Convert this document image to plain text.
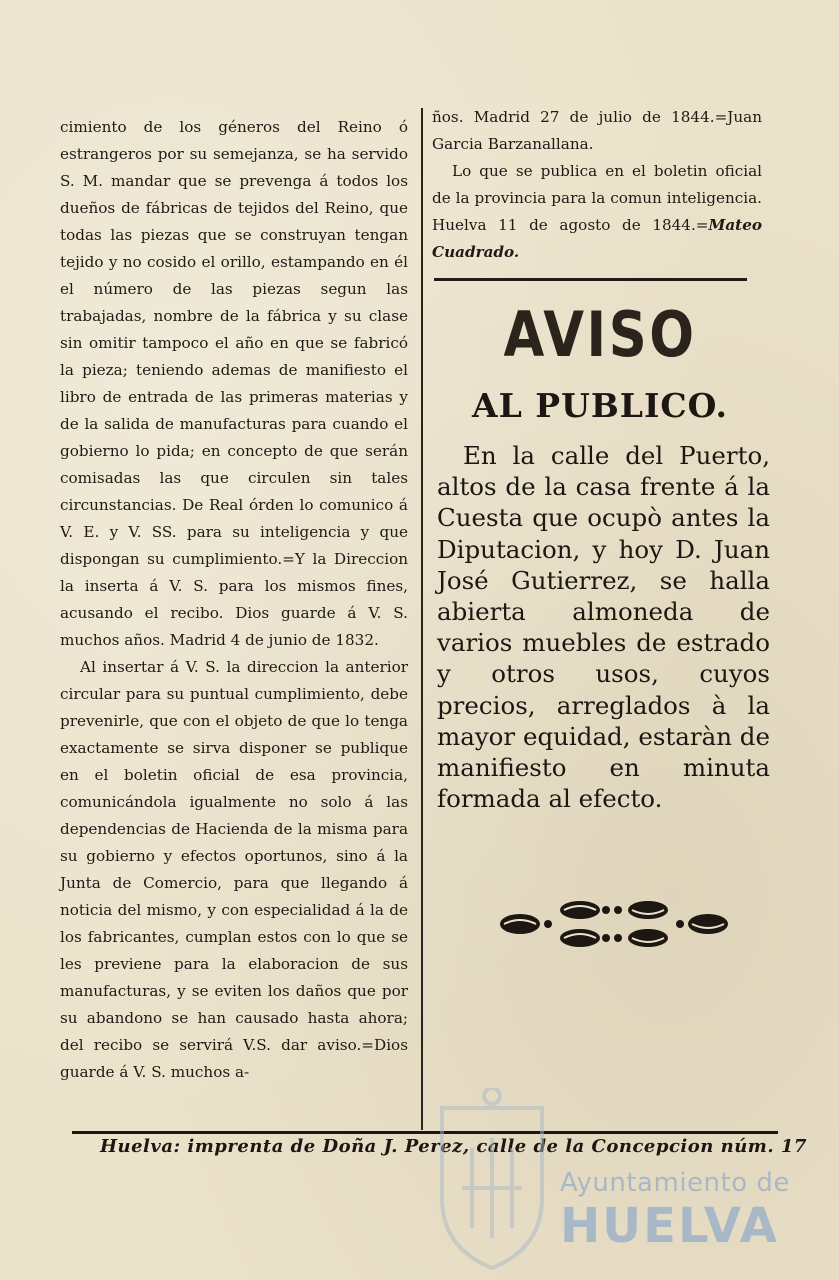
cimiento de los géneros del Reino ó estrangeros por su semejanza, se ha servido S. M. mandar que se prevenga á todos los dueños de fábricas de tejidos del Reino, que todas las piezas que se construyan tengan tejido y no cosido el orillo, estampando en él el número de las piezas segun las trabajadas, nombre de la fábrica y su clase sin omitir tampoco el año en que se fabricó la pieza; teniendo ademas de manifiesto el libro de entrada de las primeras materias y de la salida de manufacturas para cuando el gobierno lo pida; en concepto de que serán comisadas las que circulen sin tales circunstancias. De Real órden lo comunico á V. E. y V. SS. para su inteligencia y que dispongan su cumplimiento.=Y la Direccion la inserta á V. S. para los mismos fines, acusando el recibo. Dios guarde á V. S. muchos años. Madrid 4 de junio de 1832.

Al insertar á V. S. la direccion la anterior circular para su puntual cumplimiento, debe prevenirle, que con el objeto de que lo tenga exactamente se sirva disponer se publique en el boletin oficial de esa provincia, comunicándola igualmente no solo á las dependencias de Hacienda de la misma para su gobierno y efectos oportunos, sino á la Junta de Comercio, para que llegando á noticia del mismo, y con especialidad á la de los fabricantes, cumplan estos con lo que se les previene para la elaboracion de sus manufacturas, y se eviten los daños que por su abandono se han causado hasta ahora; del recibo se servirá V.S. dar aviso.=Dios guarde á V. S. muchos a-

ños. Madrid 27 de julio de 1844.=Juan Garcia Barzanallana.

Lo que se publica en el boletin oficial de la provincia para la comun inteligencia. Huelva 11 de agosto de 1844.=Mateo Cuadrado.

AVISO
AL PUBLICO.
En la calle del Puerto, altos de la casa frente á la Cuesta que ocupò antes la Diputacion, y hoy D. Juan José Gutierrez, se halla abierta almoneda de varios muebles de estrado y otros usos, cuyos precios, arreglados à la mayor equidad, estaràn de manifiesto en minuta formada al efecto.
Huelva: imprenta de Doña J. Perez, calle de la Concepcion núm. 17
Ayuntamiento de
HUELVA
